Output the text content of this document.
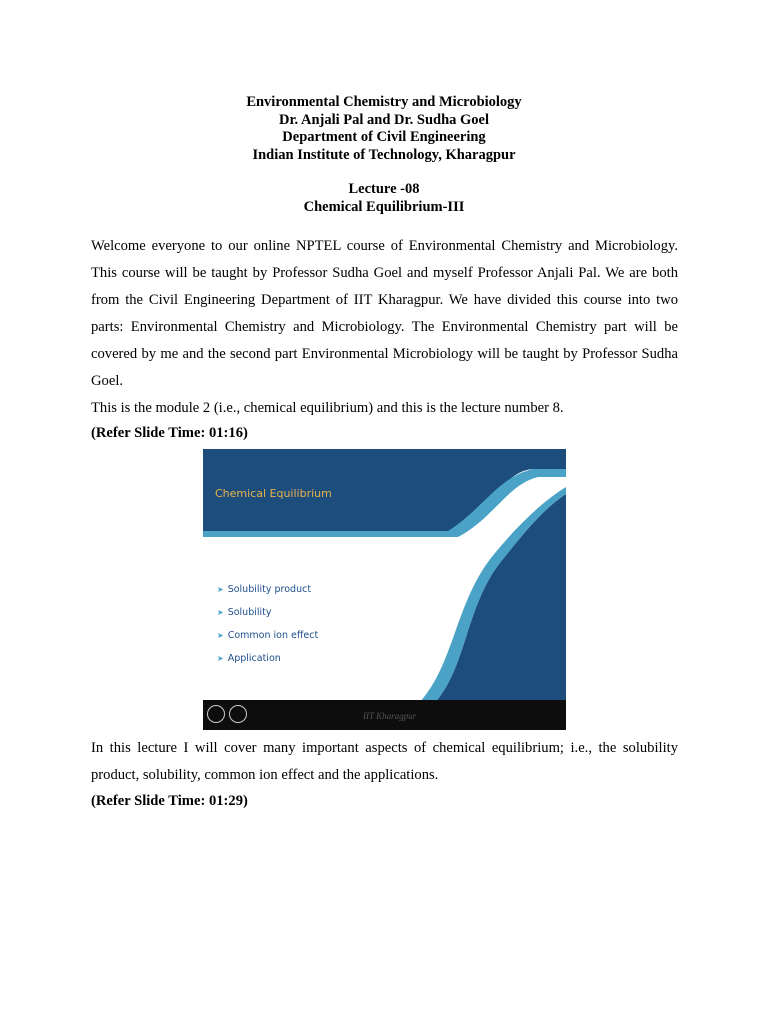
Environmental Chemistry and Microbiology
Dr. Anjali Pal and Dr. Sudha Goel
Department of Civil Engineering
Indian Institute of Technology, Kharagpur
Lecture -08
Chemical Equilibrium-III

Welcome everyone to our online NPTEL course of Environmental Chemistry and Microbiology. This course will be taught by Professor Sudha Goel and myself Professor Anjali Pal. We are both from the Civil Engineering Department of IIT Kharagpur. We have divided this course into two parts: Environmental Chemistry and Microbiology. The Environmental Chemistry part will be covered by me and the second part Environmental Microbiology will be taught by Professor Sudha Goel.

This is the module 2 (i.e., chemical equilibrium) and this is the lecture number 8.

(Refer Slide Time: 01:16)
Chemical Equilibrium
➤ Solubility product
➤ Solubility
➤ Common ion effect
➤ Application
IIT Kharagpur

In this lecture I will cover many important aspects of chemical equilibrium; i.e., the solubility product, solubility, common ion effect and the applications.

(Refer Slide Time: 01:29)
